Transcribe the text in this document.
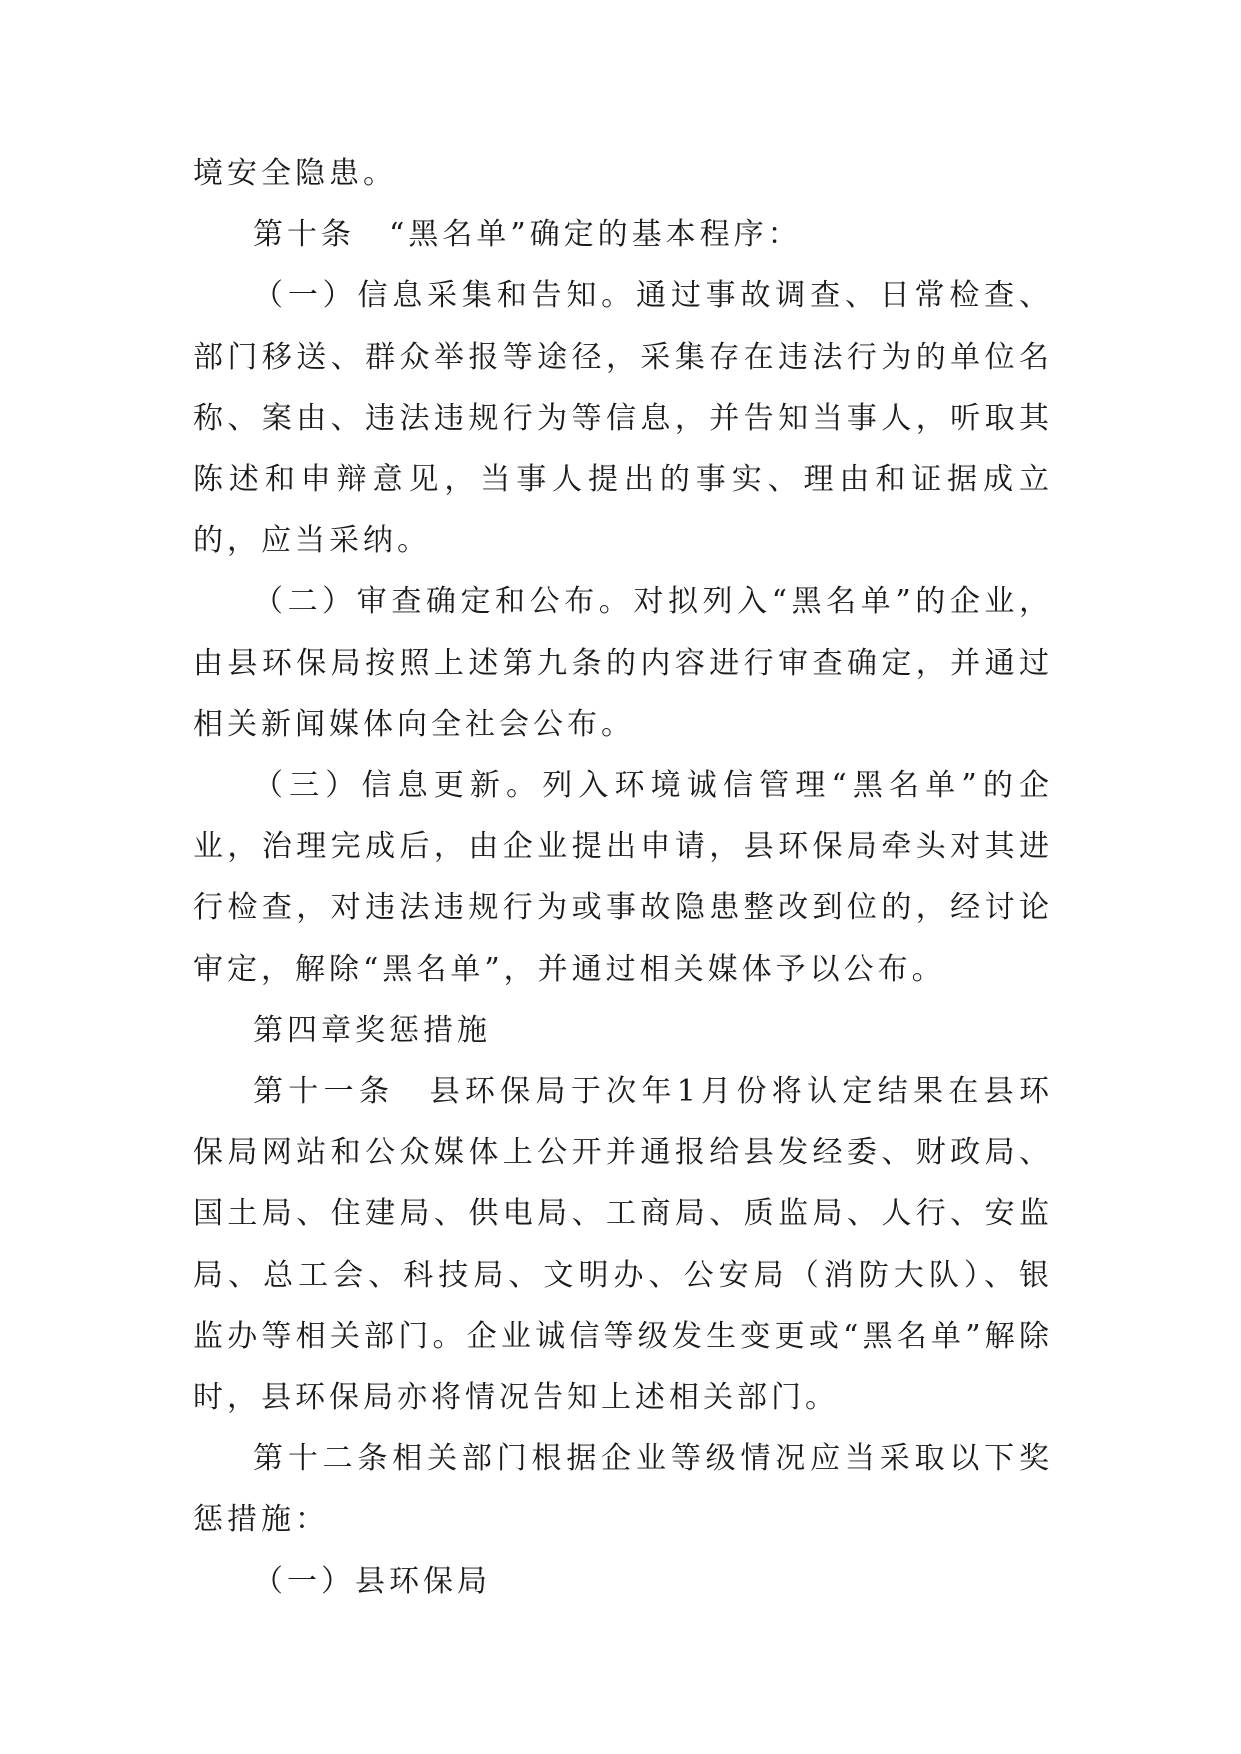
境安全隐患。

第十条　“黑名单”确定的基本程序：

（一）信息采集和告知。通过事故调查、日常检查、部门移送、群众举报等途径，采集存在违法行为的单位名称、案由、违法违规行为等信息，并告知当事人，听取其陈述和申辩意见，当事人提出的事实、理由和证据成立的，应当采纳。

（二）审查确定和公布。对拟列入“黑名单”的企业，由县环保局按照上述第九条的内容进行审查确定，并通过相关新闻媒体向全社会公布。

（三）信息更新。列入环境诚信管理“黑名单”的企业，治理完成后，由企业提出申请，县环保局牵头对其进行检查，对违法违规行为或事故隐患整改到位的，经讨论审定，解除“黑名单”，并通过相关媒体予以公布。

第四章奖惩措施

第十一条　县环保局于次年1月份将认定结果在县环保局网站和公众媒体上公开并通报给县发经委、财政局、国土局、住建局、供电局、工商局、质监局、人行、安监局、总工会、科技局、文明办、公安局（消防大队）、银监办等相关部门。企业诚信等级发生变更或“黑名单”解除时，县环保局亦将情况告知上述相关部门。

第十二条相关部门根据企业等级情况应当采取以下奖惩措施：

（一）县环保局
